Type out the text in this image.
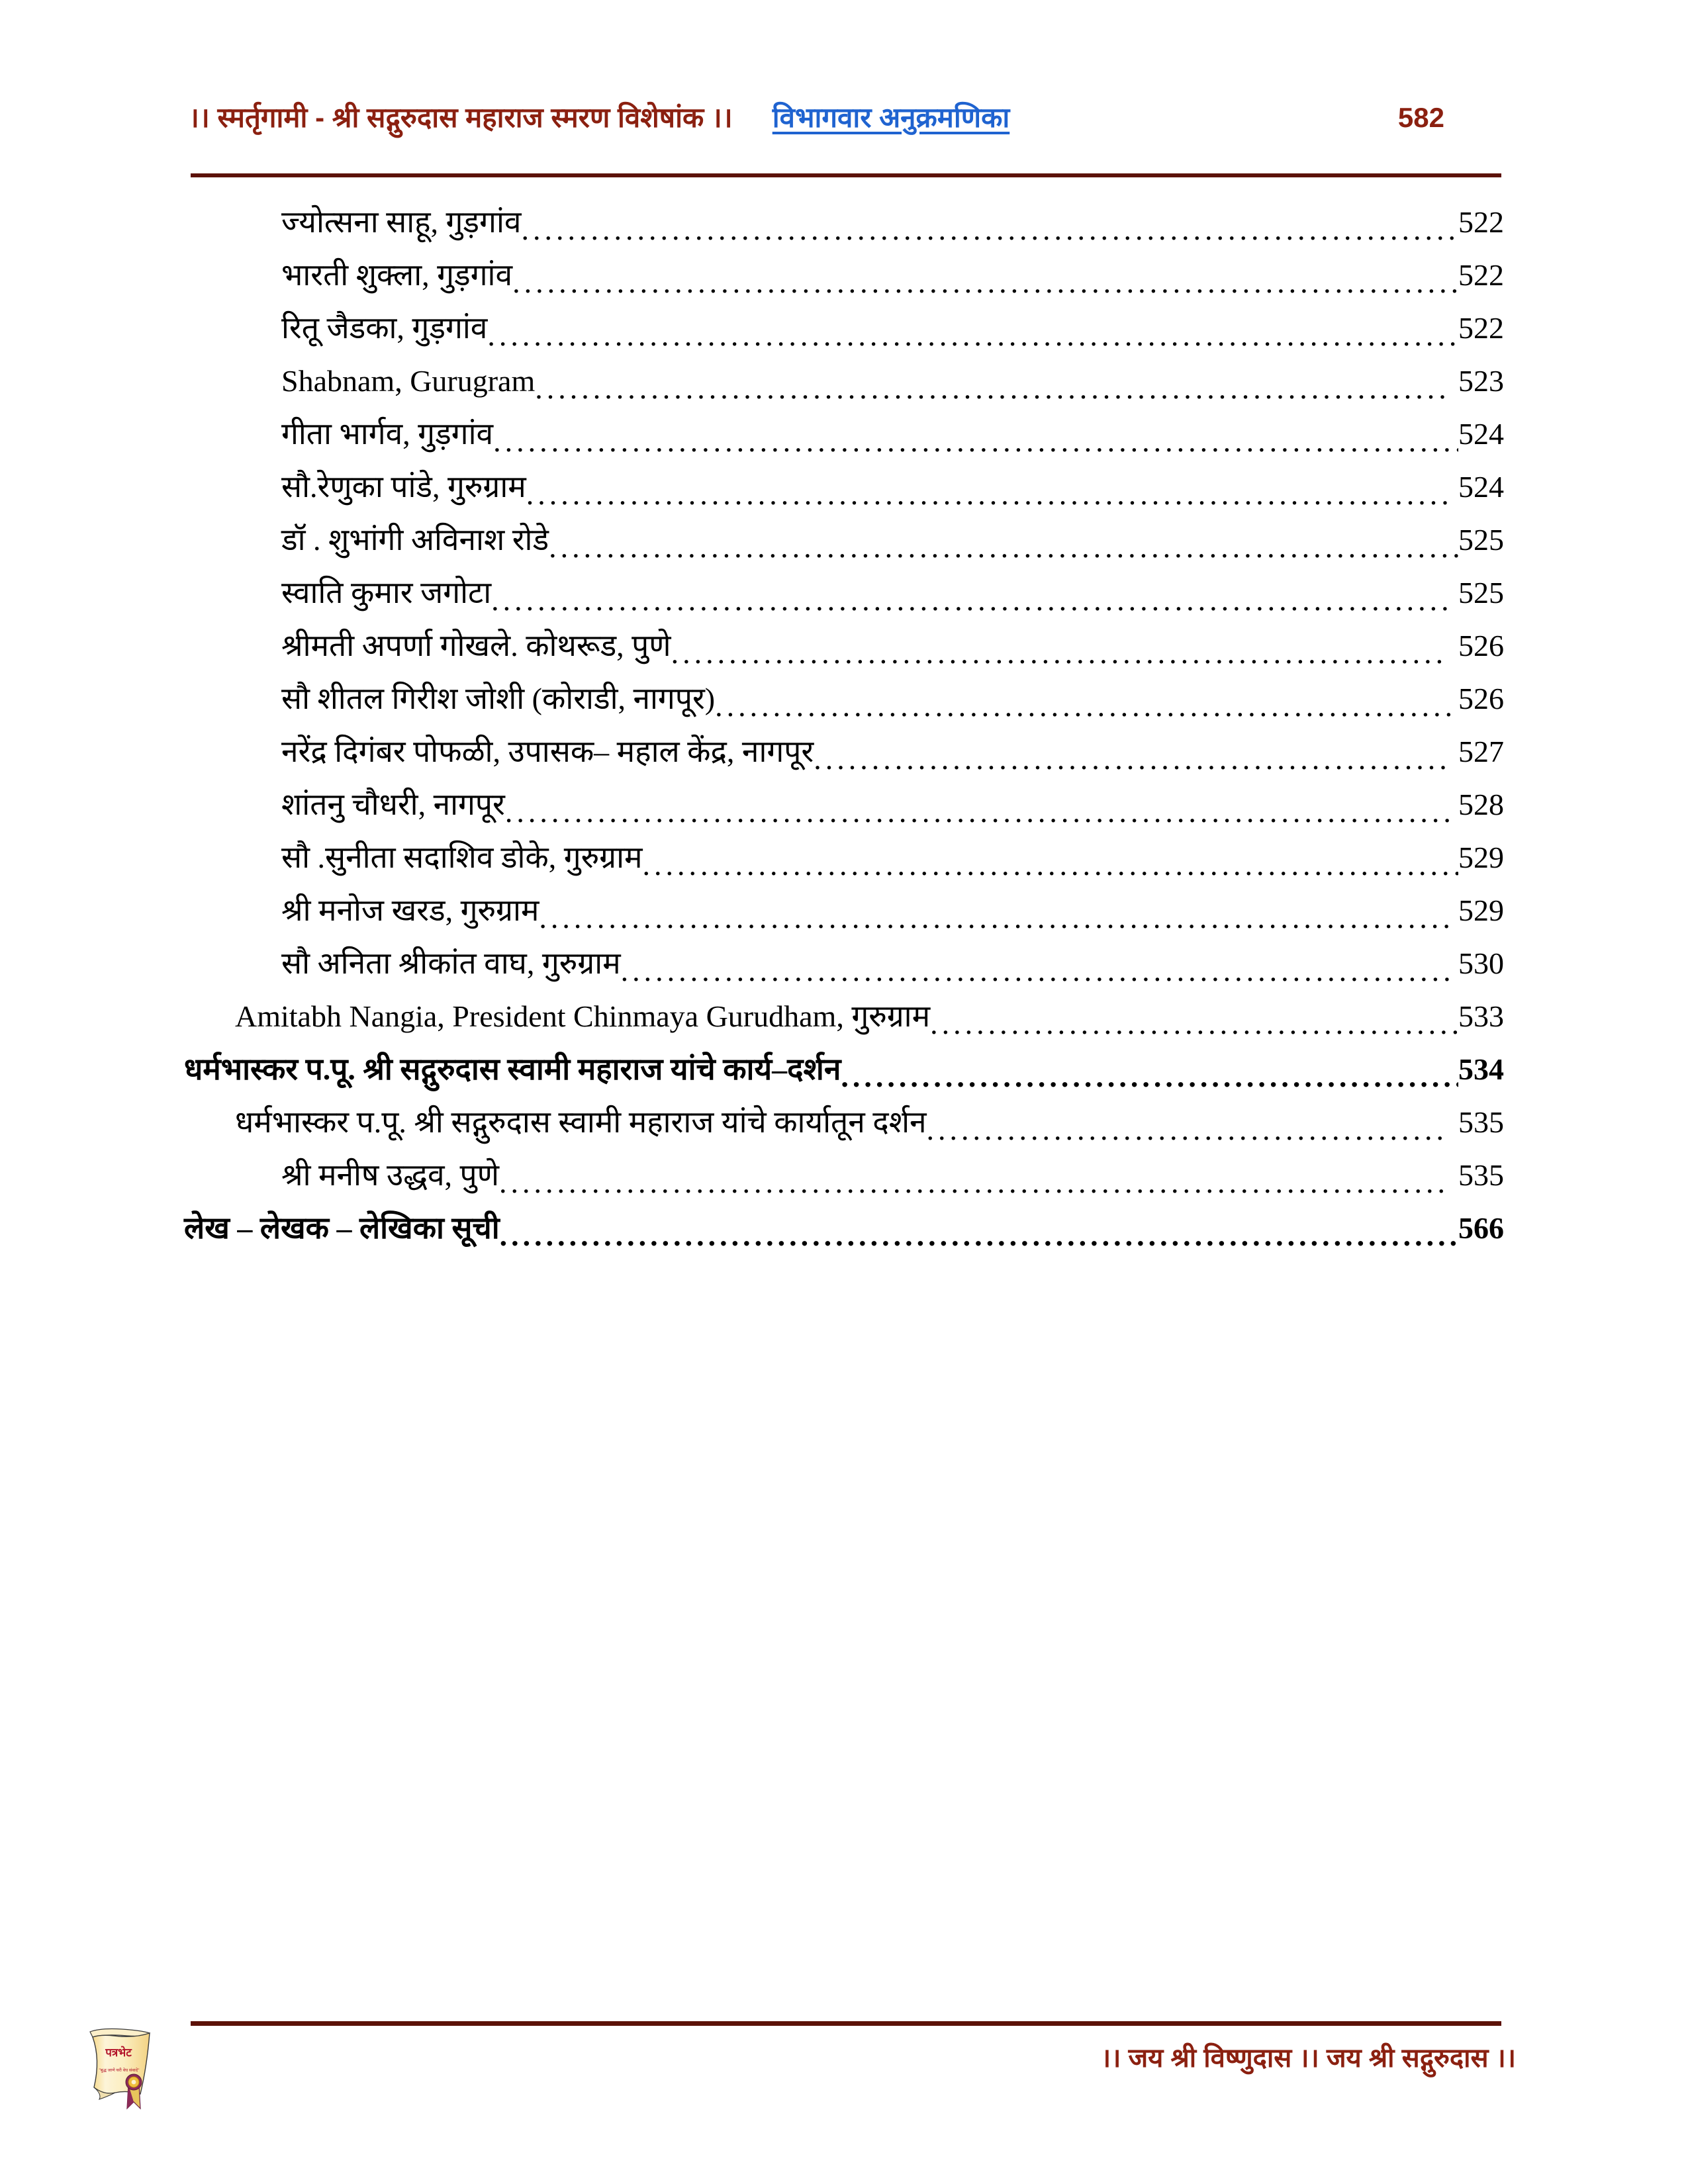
।। स्मर्तृगामी - श्री सद्गुरुदास महाराज स्मरण विशेषांक ।। विभागवार अनुक्रमणिका	582
ज्योत्सना साहू, गुड़गांव .....	522
भारती शुक्ला, गुड़गांव .....	522
रितू जैडका, गुड़गांव .....	522
Shabnam, Gurugram .....	523
गीता भार्गव, गुड़गांव .....	524
सौ.रेणुका पांडे, गुरुग्राम .....	524
डॉ . शुभांगी अविनाश रोडे .....	525
स्वाति कुमार जगोटा .....	525
श्रीमती अपर्णा गोखले. कोथरूड, पुणे .....	526
सौ शीतल गिरीश जोशी (कोराडी, नागपूर) .....	526
नरेंद्र दिगंबर पोफळी, उपासक– महाल केंद्र, नागपूर .....	527
शांतनु चौधरी, नागपूर .....	528
सौ .सुनीता सदाशिव डोके, गुरुग्राम .....	529
श्री मनोज खरड, गुरुग्राम .....	529
सौ अनिता श्रीकांत वाघ, गुरुग्राम .....	530
Amitabh Nangia, President Chinmaya Gurudham, गुरुग्राम .....	533
धर्मभास्कर प.पू. श्री सद्गुरुदास स्वामी महाराज यांचे कार्य–दर्शन .....	534
धर्मभास्कर प.पू. श्री सद्गुरुदास स्वामी महाराज यांचे कार्यातून दर्शन .....	535
श्री मनीष उद्धव, पुणे .....	535
लेख – लेखक – लेखिका सूची .....	566
।। जय श्री विष्णुदास ।। जय श्री सद्गुरुदास ।।
पत्रभेट
"बुद्ध जाणे घरी वेध संवादे"
